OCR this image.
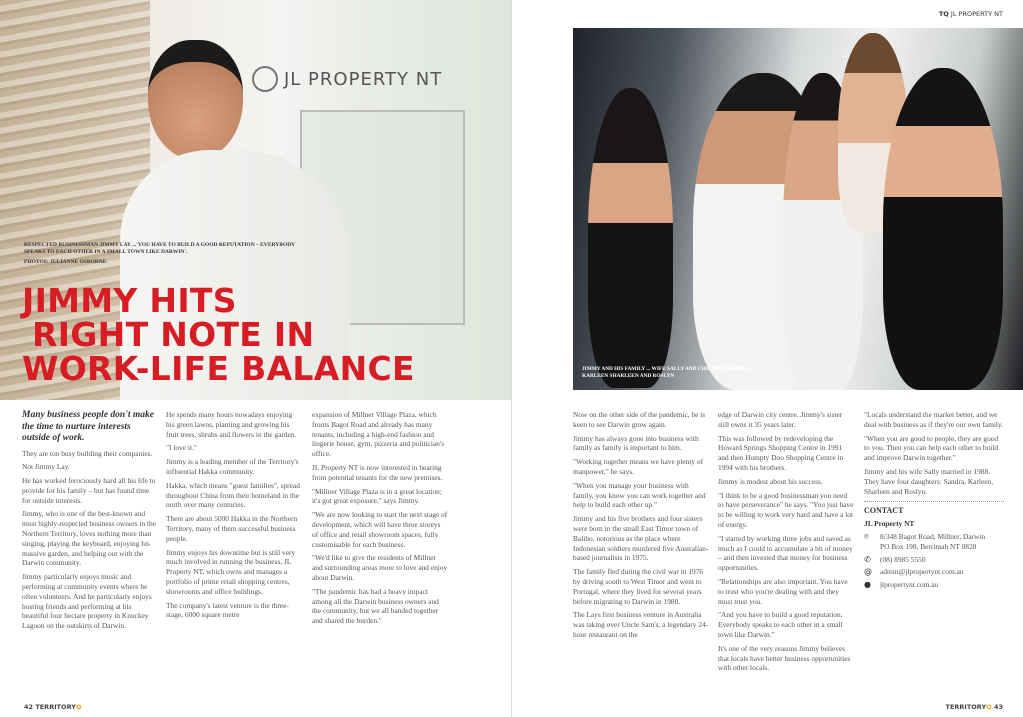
JL PROPERTY NT
RESPECTED BUSINESSMAN JIMMY LAY ...'YOU HAVE TO BUILD A GOOD REPUTATION – EVERYBODY SPEAKS TO EACH OTHER IN A SMALL TOWN LIKE DARWIN'.
PHOTOS: JULIANNE OSBORNE
JIMMY HITS
RIGHT NOTE IN
WORK-LIFE BALANCE

Many business people don't make the time to nurture interests outside of work.

They are too busy building their companies.

Not Jimmy Lay.

He has worked ferociously hard all his life to provide for his family – but has found time for outside interests.

Jimmy, who is one of the best-known and most highly-respected business owners in the Northern Territory, loves nothing more than singing, playing the keyboard, enjoying his massive garden, and helping out with the Darwin community.

Jimmy particularly enjoys music and performing at community events where he often volunteers. And he particularly enjoys hosting friends and performing at his beautiful four hectare property in Knuckey Lagoon on the outskirts of Darwin.

He spends many hours nowadays enjoying his green lawns, planting and growing his fruit trees, shrubs and flowers in the garden.

"I love it."

Jimmy is a leading member of the Territory's influential Hakka community.

Hakka, which means "guest families", spread throughout China from their homeland in the north over many centuries.

There are about 5000 Hakka in the Northern Territory, many of them successful business people.

Jimmy enjoys his downtime but is still very much involved in running the business, JL Property NT, which owns and manages a portfolio of prime retail shopping centres, showrooms and office buildings.

The company's latest venture is the three-stage, 6000 square metre

expansion of Millner Village Plaza, which fronts Bagot Road and already has many tenants, including a high-end fashion and lingerie house, gym, pizzeria and politician's office.

JL Property NT is now interested in hearing from potential tenants for the new premises.

"Millner Village Plaza is in a great location; it's got great exposure," says Jimmy.

"We are now looking to start the next stage of development, which will have three storeys of office and retail showroom spaces, fully customisable for each business.

"We'd like to give the residents of Millner and surrounding areas more to love and enjoy about Darwin.

"The pandemic has had a heavy impact among all the Darwin business owners and the community, but we all banded together and shared the burden."

42 TERRITORYQ
TQ JL PROPERTY NT
JIMMY AND HIS FAMILY ... WIFE SALLY AND CHILDREN SANDRA, KARLEEN SHARLEEN AND ROSLYN

Now on the other side of the pandemic, he is keen to see Darwin grow again.

Jimmy has always gone into business with family as family is important to him.

"Working together means we have plenty of manpower," he says.

"When you manage your business with family, you know you can work together and help to build each other up."

Jimmy and his five brothers and four sisters were born in the small East Timor town of Balibo, notorious as the place where Indonesian soldiers murdered five Australian-based journalists in 1975.

The family fled during the civil war in 1976 by driving south to West Timor and went to Portugal, where they lived for several years before migrating to Darwin in 1980.

The Lays first business venture in Australia was taking over Uncle Sam's, a legendary 24-hour restaurant on the

edge of Darwin city centre. Jimmy's sister still owns it 35 years later.

This was followed by redeveloping the Howard Springs Shopping Centre in 1991 and then Humpty Doo Shopping Centre in 1994 with his brothers.

Jimmy is modest about his success.

"I think to be a good businessman you need to have perseverance" he says. "You just have to be willing to work very hard and have a lot of energy.

"I started by working three jobs and saved as much as I could to accumulate a bit of money – and then invested that money for business opportunities.

"Relationships are also important. You have to trust who you're dealing with and they must trust you.

"And you have to build a good reputation. Everybody speaks to each other in a small town like Darwin."

It's one of the very reasons Jimmy believes that locals have better business opportunities with other locals.

"Locals understand the market better, and we deal with business as if they're our own family.

"When you are good to people, they are good to you. Then you can help each other to build and improve Darwin together."

Jimmy and his wife Sally married in 1988. They have four daughters: Sandra, Karleen, Sharleen and Roslyn.

CONTACT
JL Property NT
⌾	8/348 Bagot Road, Millner, Darwin
PO Box 198, Berrimah NT 0828
✆	(08) 8985 5550
@ admin@jlpropertynt.com.au
●	jlpropertynt.com.au
TERRITORYQ 43
